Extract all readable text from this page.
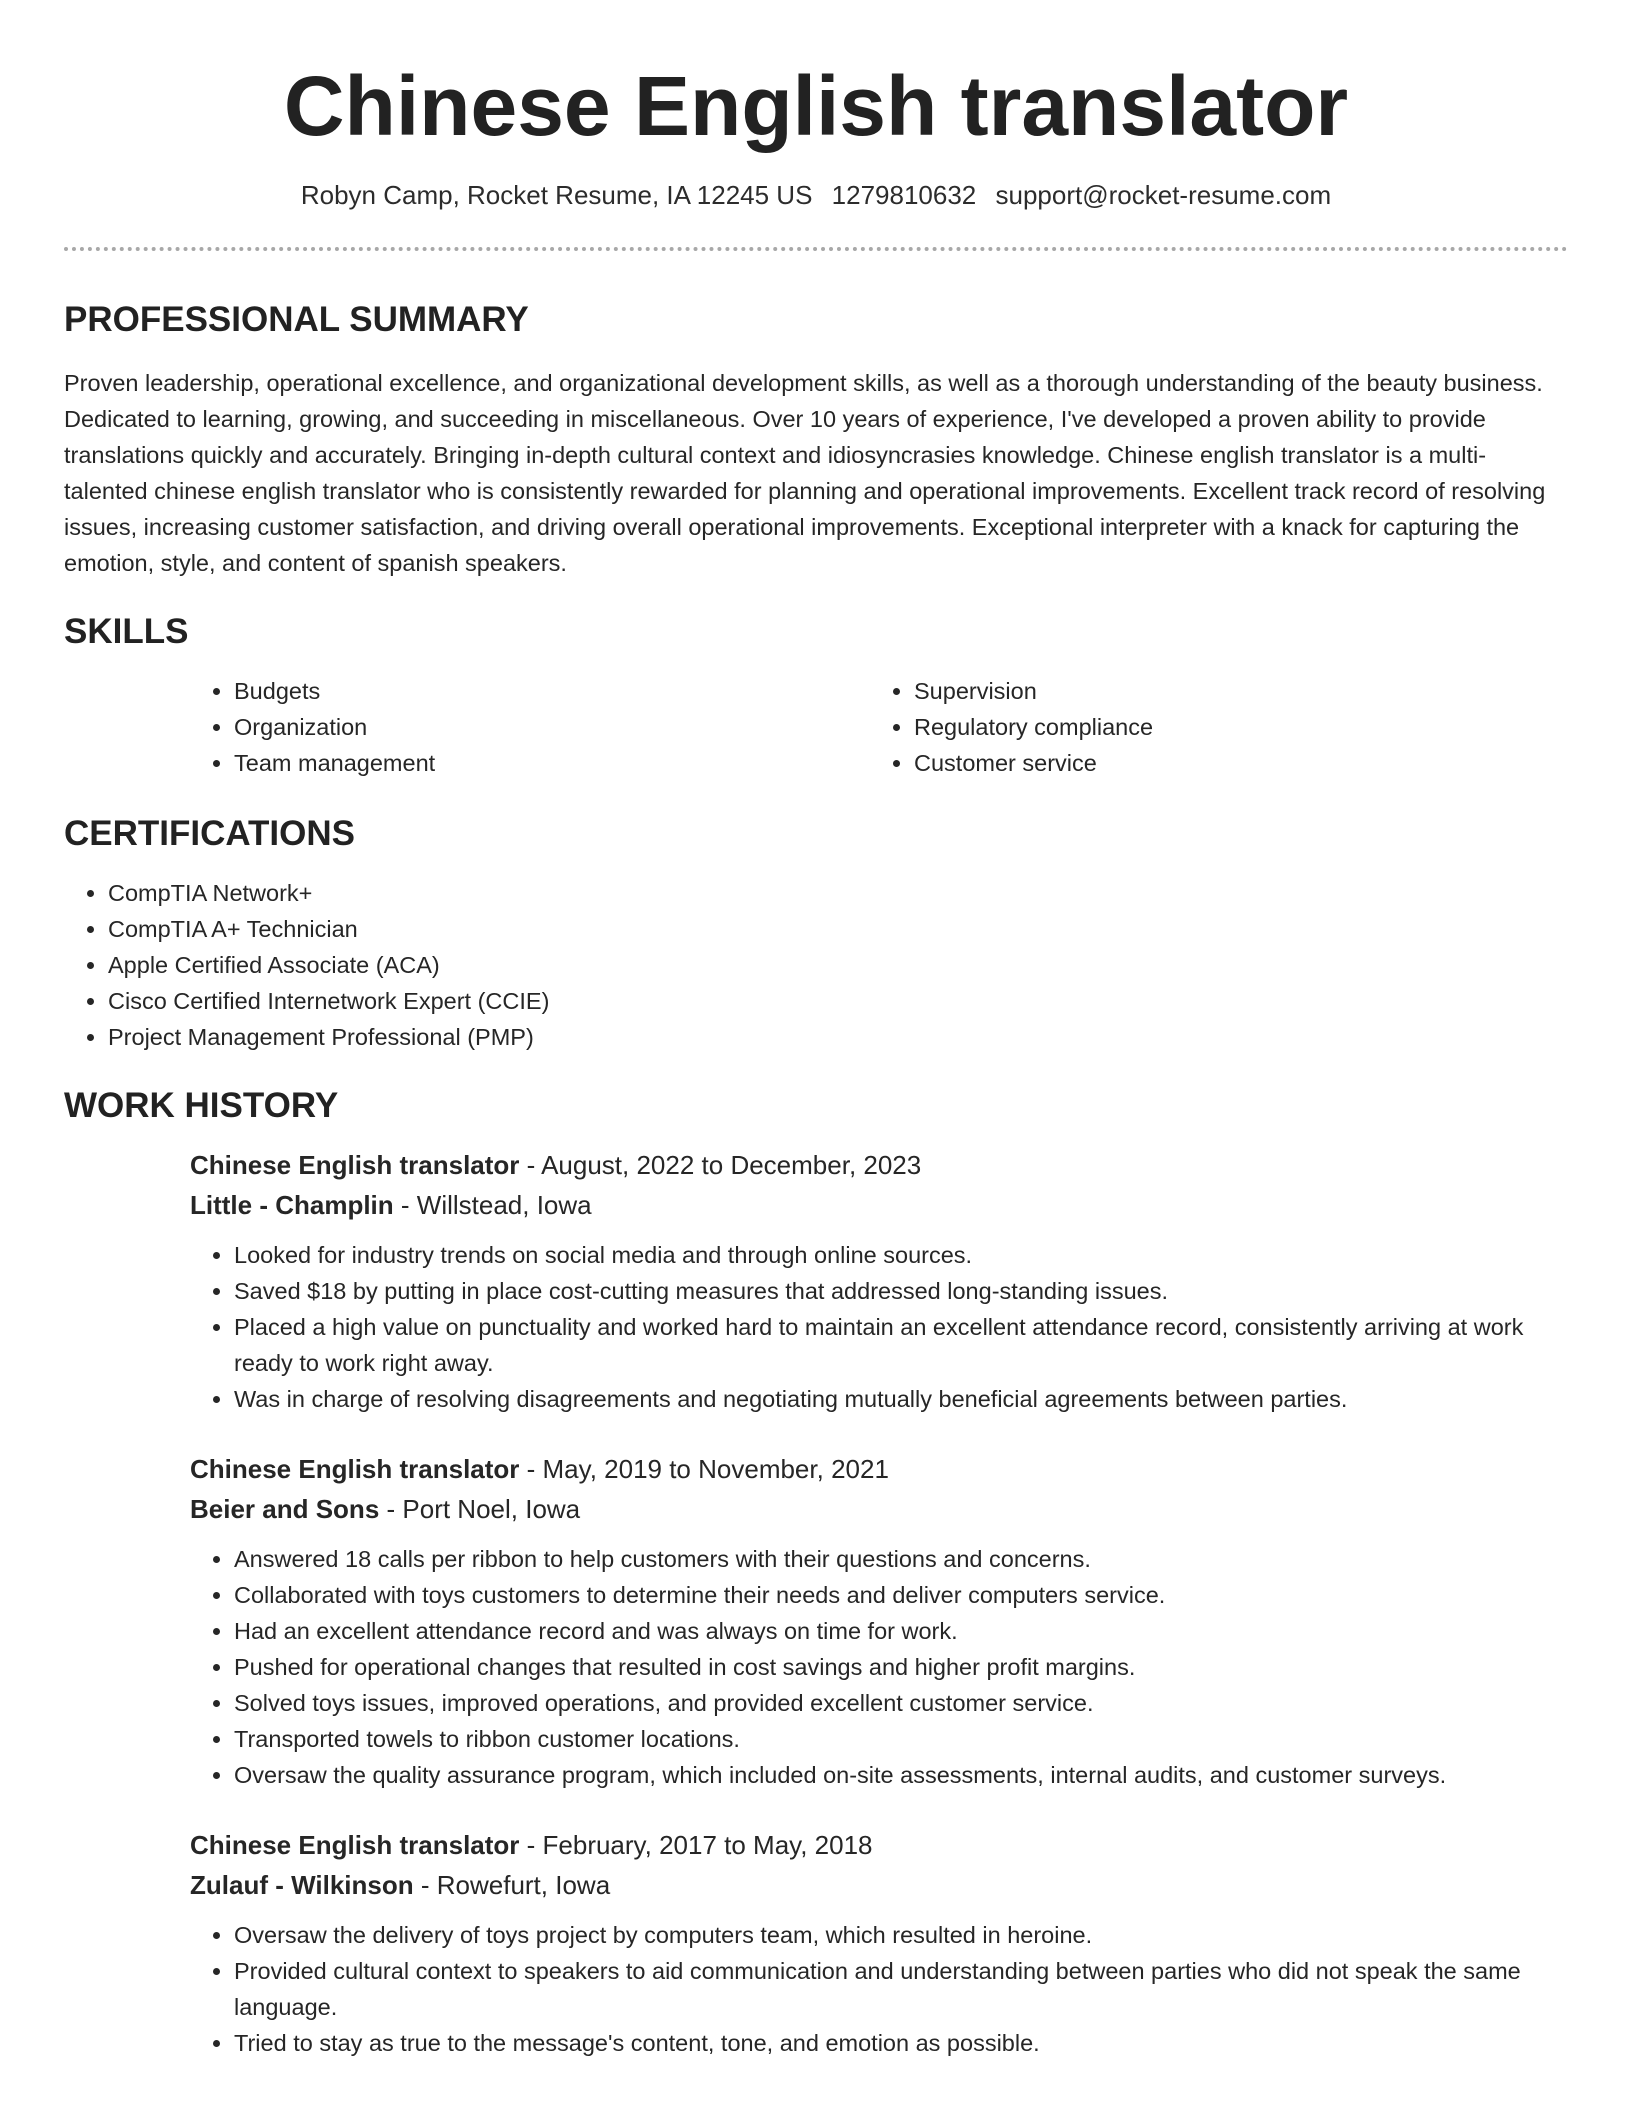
Chinese English translator
Robyn Camp, Rocket Resume, IA 12245 US 1279810632 support@rocket-resume.com
PROFESSIONAL SUMMARY

Proven leadership, operational excellence, and organizational development skills, as well as a thorough understanding of the beauty business. Dedicated to learning, growing, and succeeding in miscellaneous. Over 10 years of experience, I've developed a proven ability to provide translations quickly and accurately. Bringing in-depth cultural context and idiosyncrasies knowledge. Chinese english translator is a multi-talented chinese english translator who is consistently rewarded for planning and operational improvements. Excellent track record of resolving issues, increasing customer satisfaction, and driving overall operational improvements. Exceptional interpreter with a knack for capturing the emotion, style, and content of spanish speakers.

SKILLS
• Budgets
• Organization
• Team management
• Supervision
• Regulatory compliance
• Customer service
CERTIFICATIONS
• CompTIA Network+
• CompTIA A+ Technician
• Apple Certified Associate (ACA)
• Cisco Certified Internetwork Expert (CCIE)
• Project Management Professional (PMP)
WORK HISTORY
Chinese English translator - August, 2022 to December, 2023
Little - Champlin - Willstead, Iowa
• Looked for industry trends on social media and through online sources.
• Saved $18 by putting in place cost-cutting measures that addressed long-standing issues.
• Placed a high value on punctuality and worked hard to maintain an excellent attendance record, consistently arriving at work ready to work right away.
• Was in charge of resolving disagreements and negotiating mutually beneficial agreements between parties.
Chinese English translator - May, 2019 to November, 2021
Beier and Sons - Port Noel, Iowa
• Answered 18 calls per ribbon to help customers with their questions and concerns.
• Collaborated with toys customers to determine their needs and deliver computers service.
• Had an excellent attendance record and was always on time for work.
• Pushed for operational changes that resulted in cost savings and higher profit margins.
• Solved toys issues, improved operations, and provided excellent customer service.
• Transported towels to ribbon customer locations.
• Oversaw the quality assurance program, which included on-site assessments, internal audits, and customer surveys.
Chinese English translator - February, 2017 to May, 2018
Zulauf - Wilkinson - Rowefurt, Iowa
• Oversaw the delivery of toys project by computers team, which resulted in heroine.
• Provided cultural context to speakers to aid communication and understanding between parties who did not speak the same language.
• Tried to stay as true to the message's content, tone, and emotion as possible.
